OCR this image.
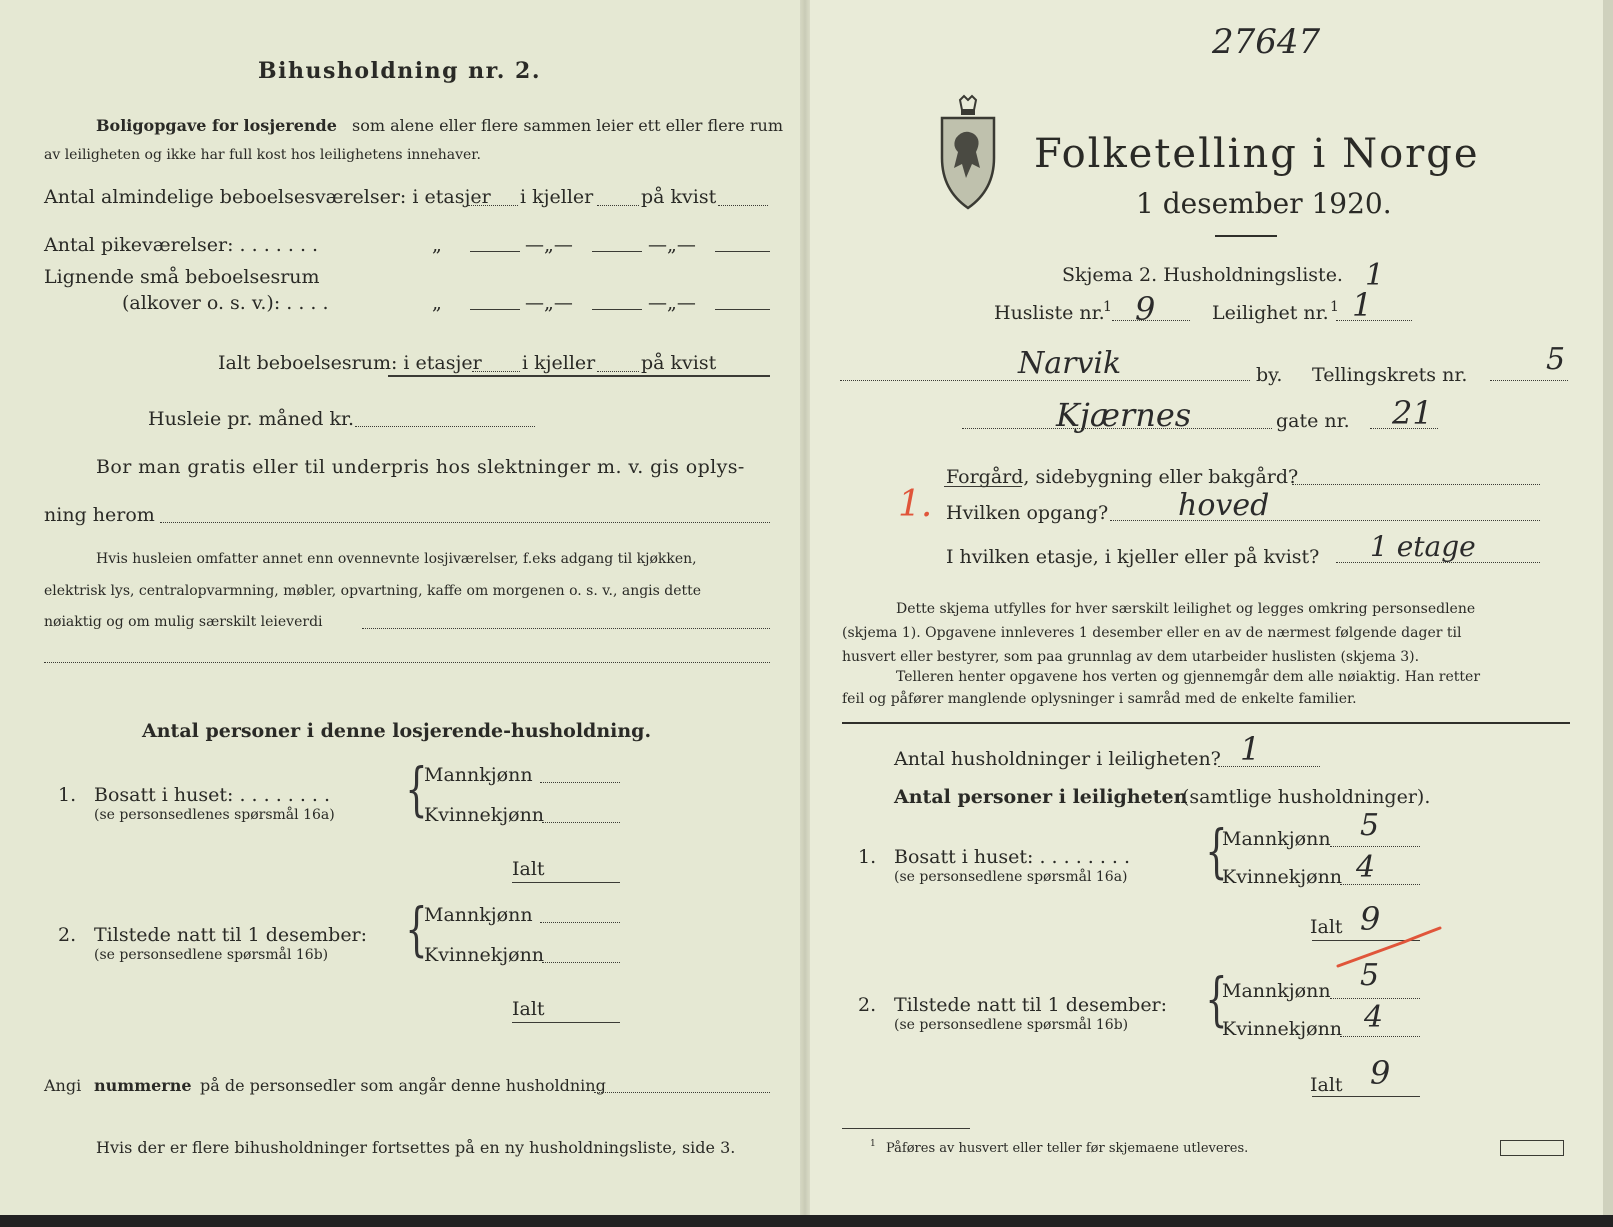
Bihusholdning nr. 2.
Boligopgave for losjerende som alene eller flere sammen leier ett eller flere rum
av leiligheten og ikke har full kost hos leilighetens innehaver.
Antal almindelige beboelsesværelser: i etasjer i kjeller	på kvist
Antal pikeværelser: . . . . . . .	„	—„—	—„—
Lignende små beboelsesrum
(alkover o. s. v.): . . . .	„	—„—	—„—
Ialt beboelsesrum: i etasjer i kjeller på kvist
Husleie pr. måned kr.
Bor man gratis eller til underpris hos slektninger m. v. gis oplys-
ning herom
Hvis husleien omfatter annet enn ovennevnte losjiværelser, f.eks adgang til kjøkken,
elektrisk lys, centralopvarmning, møbler, opvartning, kaffe om morgenen o. s. v., angis dette
nøiaktig og om mulig særskilt leieverdi
Antal personer i denne losjerende-husholdning.
1. Bosatt i huset: . . . . . . . .
(se personsedlenes spørsmål 16a) {
Mannkjønn
Kvinnekjønn
Ialt
2. Tilstede natt til 1 desember:
(se personsedlene spørsmål 16b) {
Mannkjønn
Kvinnekjønn
Ialt
Angi nummerne på de personsedler som angår denne husholdning
Hvis der er flere bihusholdninger fortsettes på en ny husholdningsliste, side 3.
27647
Folketelling i Norge
1 desember 1920.
Skjema 2. Husholdningsliste. 1
Husliste nr.
1 9	Leilighet nr. 1 1
Narvik	by. Tellingskrets nr.	5
Kjærnes	gate nr. 21
Forgård, sidebygning eller bakgård?
1. Hvilken opgang? hoved
I hvilken etasje, i kjeller eller på kvist? 1 etage
Dette skjema utfylles for hver særskilt leilighet og legges omkring personsedlene
(skjema 1). Opgavene innleveres 1 desember eller en av de nærmest følgende dager til
husvert eller bestyrer, som paa grunnlag av dem utarbeider huslisten (skjema 3).
Telleren henter opgavene hos verten og gjennemgår dem alle nøiaktig. Han retter
feil og påfører manglende oplysninger i samråd med de enkelte familier.
Antal husholdninger i leiligheten? 1
Antal personer i leiligheten
(samtlige husholdninger).
1. Bosatt i huset: . . . . . . . .
(se personsedlene spørsmål 16a) {
Mannkjønn 5
Kvinnekjønn 4
Ialt 9
2. Tilstede natt til 1 desember:
(se personsedlene spørsmål 16b) {
Mannkjønn 5
Kvinnekjønn 4
Ialt 9
1 Påføres av husvert eller teller før skjemaene utleveres.
